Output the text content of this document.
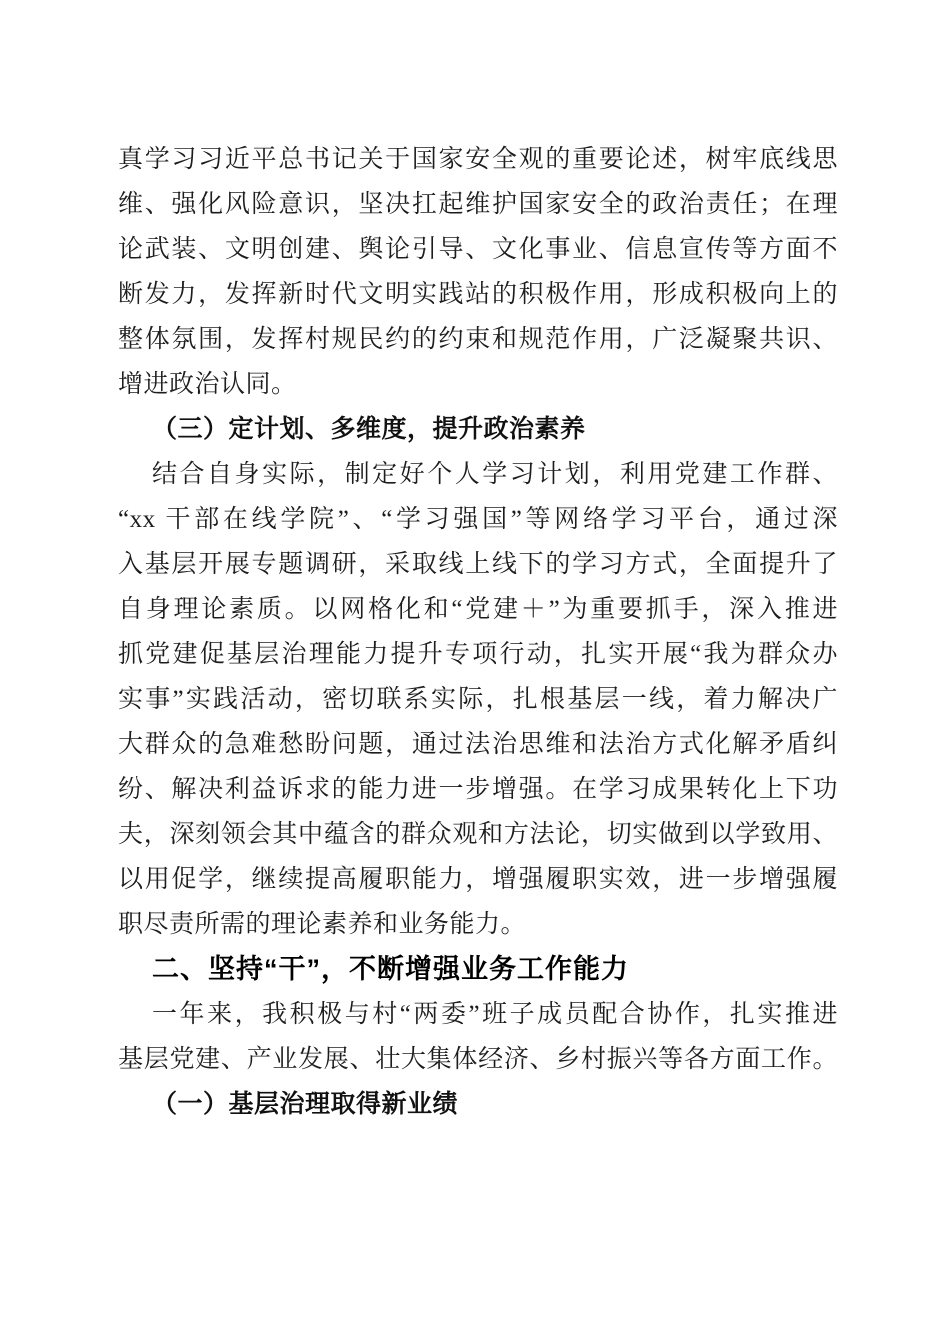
真学习习近平总书记关于国家安全观的重要论述，树牢底线思
维、强化风险意识，坚决扛起维护国家安全的政治责任；在理
论武装、文明创建、舆论引导、文化事业、信息宣传等方面不
断发力，发挥新时代文明实践站的积极作用，形成积极向上的
整体氛围，发挥村规民约的约束和规范作用，广泛凝聚共识、
增进政治认同。
（三）定计划、多维度，提升政治素养
结合自身实际，制定好个人学习计划，利用党建工作群、
“xx 干部在线学院”、“学习强国”等网络学习平台，通过深
入基层开展专题调研，采取线上线下的学习方式，全面提升了
自身理论素质。以网格化和“党建＋”为重要抓手，深入推进
抓党建促基层治理能力提升专项行动，扎实开展“我为群众办
实事”实践活动，密切联系实际，扎根基层一线，着力解决广
大群众的急难愁盼问题，通过法治思维和法治方式化解矛盾纠
纷、解决利益诉求的能力进一步增强。在学习成果转化上下功
夫，深刻领会其中蕴含的群众观和方法论，切实做到以学致用、
以用促学，继续提高履职能力，增强履职实效，进一步增强履
职尽责所需的理论素养和业务能力。
二、坚持“干”，不断增强业务工作能力
一年来，我积极与村“两委”班子成员配合协作，扎实推进
基层党建、产业发展、壮大集体经济、乡村振兴等各方面工作。
（一）基层治理取得新业绩
